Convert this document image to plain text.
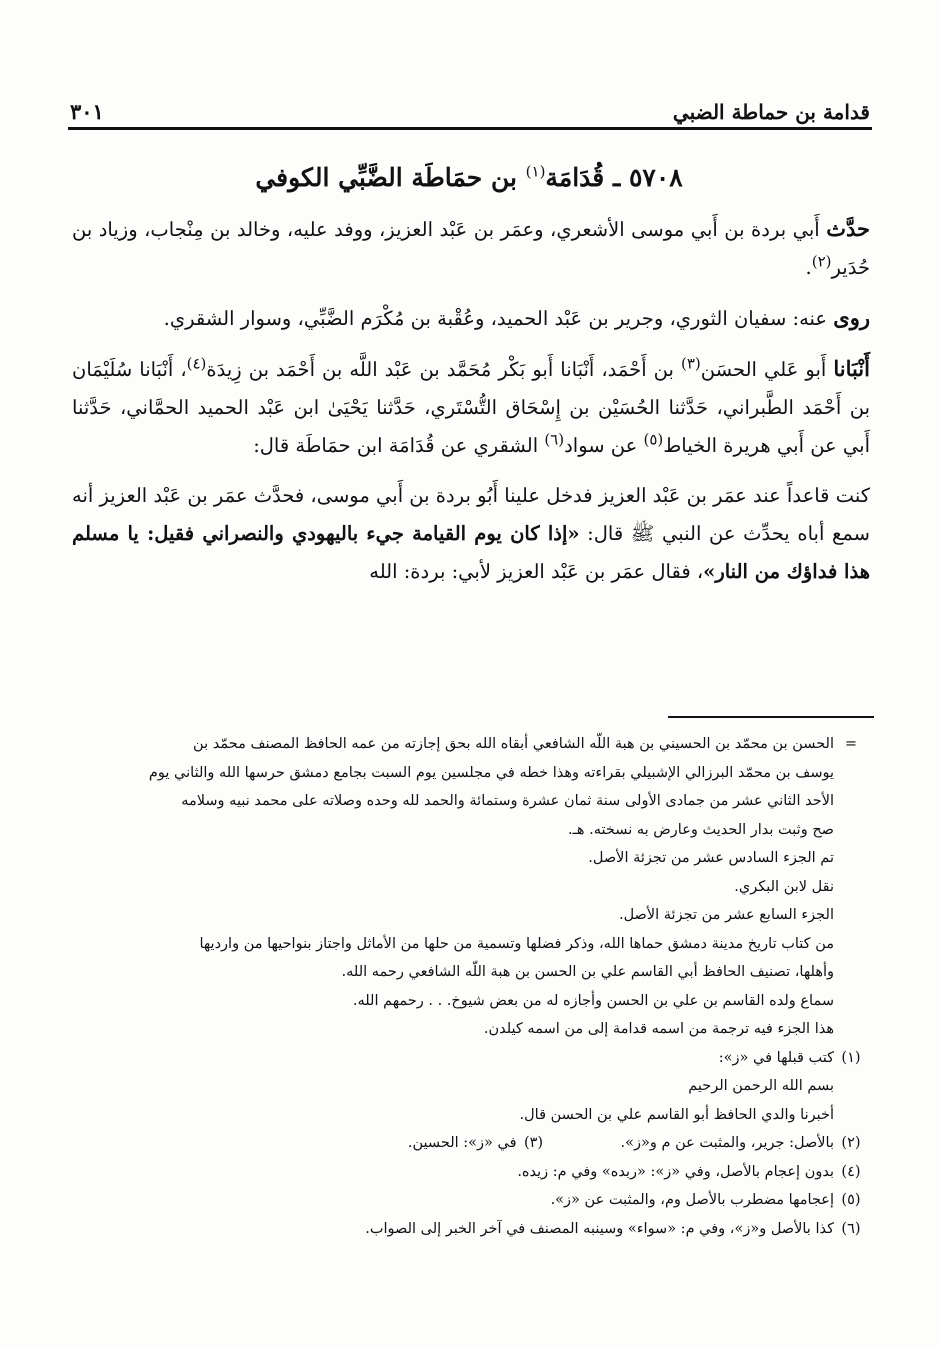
قدامة بن حماطة الضبي
٣٠١
٥٧٠٨ ـ قُدَامَة$^{(١)}$ بن حمَاطَة الضَّبِّي الكوفي

حدَّث أَبي بردة بن أَبي موسى الأشعري، وعمَر بن عَبْد العزيز، ووفد عليه، وخالد بن مِنْجاب، وزياد بن حُدَير$^{(٢)}$.

روى عنه: سفيان الثوري، وجرير بن عَبْد الحميد، وعُقْبة بن مُكْرَم الضَّبِّي، وسوار الشقري.

أَنْبَانا أَبو عَلي الحسَن$^{(٣)}$ بن أَحْمَد، أَنْبَانا أَبو بَكْر مُحَمَّد بن عَبْد اللَّه بن أَحْمَد بن زِيدَة$^{(٤)}$، أَنْبَانا سُلَيْمَان بن أَحْمَد الطَّبراني، حَدَّثنا الحُسَيْن بن إِسْحَاق التُّسْتَري، حَدَّثنا يَحْيَىٰ ابن عَبْد الحميد الحمَّاني، حَدَّثنا أَبي عن أَبي هريرة الخياط$^{(٥)}$ عن سواد$^{(٦)}$ الشقري عن قُدَامَة ابن حمَاطَة قال:

كنت قاعداً عند عمَر بن عَبْد العزيز فدخل علينا أَبُو بردة بن أَبي موسى، فحدَّث عمَر بن عَبْد العزيز أنه سمع أباه يحدِّث عن النبي ﷺ قال: «إذا كان يوم القيامة جيء باليهودي والنصراني فقيل: يا مسلم هذا فداؤك من النار»، فقال عمَر بن عَبْد العزيز لأبي: بردة: الله

=
الحسن بن محمّد بن الحسيني بن هبة اللّه الشافعي أبقاه الله بحق إجازته من عمه الحافظ المصنف محمّد بن
يوسف بن محمّد البرزالي الإشبيلي بقراءته وهذا خطه في مجلسين يوم السبت بجامع دمشق حرسها الله والثاني يوم
الأحد الثاني عشر من جمادى الأولى سنة ثمان عشرة وستمائة والحمد لله وحده وصلاته على محمد نبيه وسلامه
صح وثبت بدار الحديث وعارض به نسخته. هـ.
تم الجزء السادس عشر من تجزئة الأصل.
نقل لابن البكري.
الجزء السابع عشر من تجزئة الأصل.
من كتاب تاريخ مدينة دمشق حماها الله، وذكر فضلها وتسمية من حلها من الأماثل واجتاز بنواحيها من وارديها
وأهلها، تصنيف الحافظ أبي القاسم علي بن الحسن بن هبة اللّه الشافعي رحمه الله.
سماع ولده القاسم بن علي بن الحسن وأجازه له من بعض شيوخ. . . رحمهم الله.
هذا الجزء فيه ترجمة من اسمه قدامة إلى من اسمه كيلدن.
(١)
كتب قبلها في «ز»:
بسم الله الرحمن الرحيم
أخبرنا والدي الحافظ أبو القاسم علي بن الحسن قال.
(٢)
بالأصل: جرير، والمثبت عن م و«ز».
(٣)
في «ز»: الحسين.
(٤)
بدون إعجام بالأصل، وفي «ز»: «ربده» وفي م: زيده.
(٥)
إعجامها مضطرب بالأصل وم، والمثبت عن «ز».
(٦)
كذا بالأصل و«ز»، وفي م: «سواء» وسينبه المصنف في آخر الخبر إلى الصواب.
